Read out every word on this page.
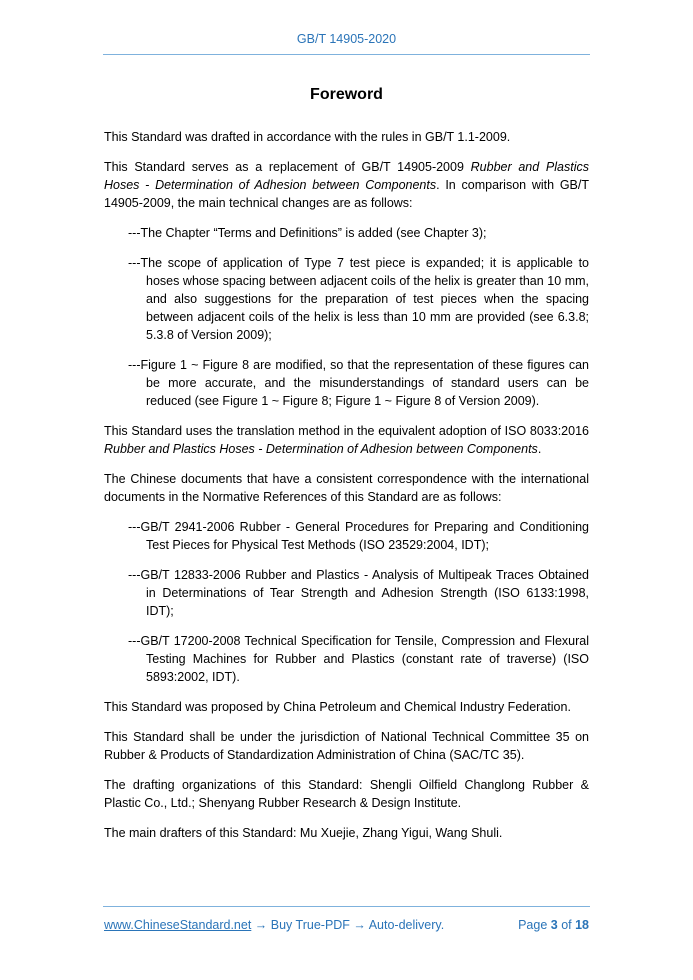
GB/T 14905-2020
Foreword

This Standard was drafted in accordance with the rules in GB/T 1.1-2009.

This Standard serves as a replacement of GB/T 14905-2009 Rubber and Plastics Hoses - Determination of Adhesion between Components. In comparison with GB/T 14905-2009, the main technical changes are as follows:

---The Chapter “Terms and Definitions” is added (see Chapter 3);

---The scope of application of Type 7 test piece is expanded; it is applicable to hoses whose spacing between adjacent coils of the helix is greater than 10 mm, and also suggestions for the preparation of test pieces when the spacing between adjacent coils of the helix is less than 10 mm are provided (see 6.3.8; 5.3.8 of Version 2009);

---Figure 1 ~ Figure 8 are modified, so that the representation of these figures can be more accurate, and the misunderstandings of standard users can be reduced (see Figure 1 ~ Figure 8; Figure 1 ~ Figure 8 of Version 2009).

This Standard uses the translation method in the equivalent adoption of ISO 8033:2016 Rubber and Plastics Hoses - Determination of Adhesion between Components.

The Chinese documents that have a consistent correspondence with the international documents in the Normative References of this Standard are as follows:

---GB/T 2941-2006 Rubber - General Procedures for Preparing and Conditioning Test Pieces for Physical Test Methods (ISO 23529:2004, IDT);

---GB/T 12833-2006 Rubber and Plastics - Analysis of Multipeak Traces Obtained in Determinations of Tear Strength and Adhesion Strength (ISO 6133:1998, IDT);

---GB/T 17200-2008 Technical Specification for Tensile, Compression and Flexural Testing Machines for Rubber and Plastics (constant rate of traverse) (ISO 5893:2002, IDT).

This Standard was proposed by China Petroleum and Chemical Industry Federation.

This Standard shall be under the jurisdiction of National Technical Committee 35 on Rubber & Products of Standardization Administration of China (SAC/TC 35).

The drafting organizations of this Standard: Shengli Oilfield Changlong Rubber & Plastic Co., Ltd.; Shenyang Rubber Research & Design Institute.

The main drafters of this Standard: Mu Xuejie, Zhang Yigui, Wang Shuli.

www.ChineseStandard.net → Buy True-PDF → Auto-delivery.	Page 3 of 18
